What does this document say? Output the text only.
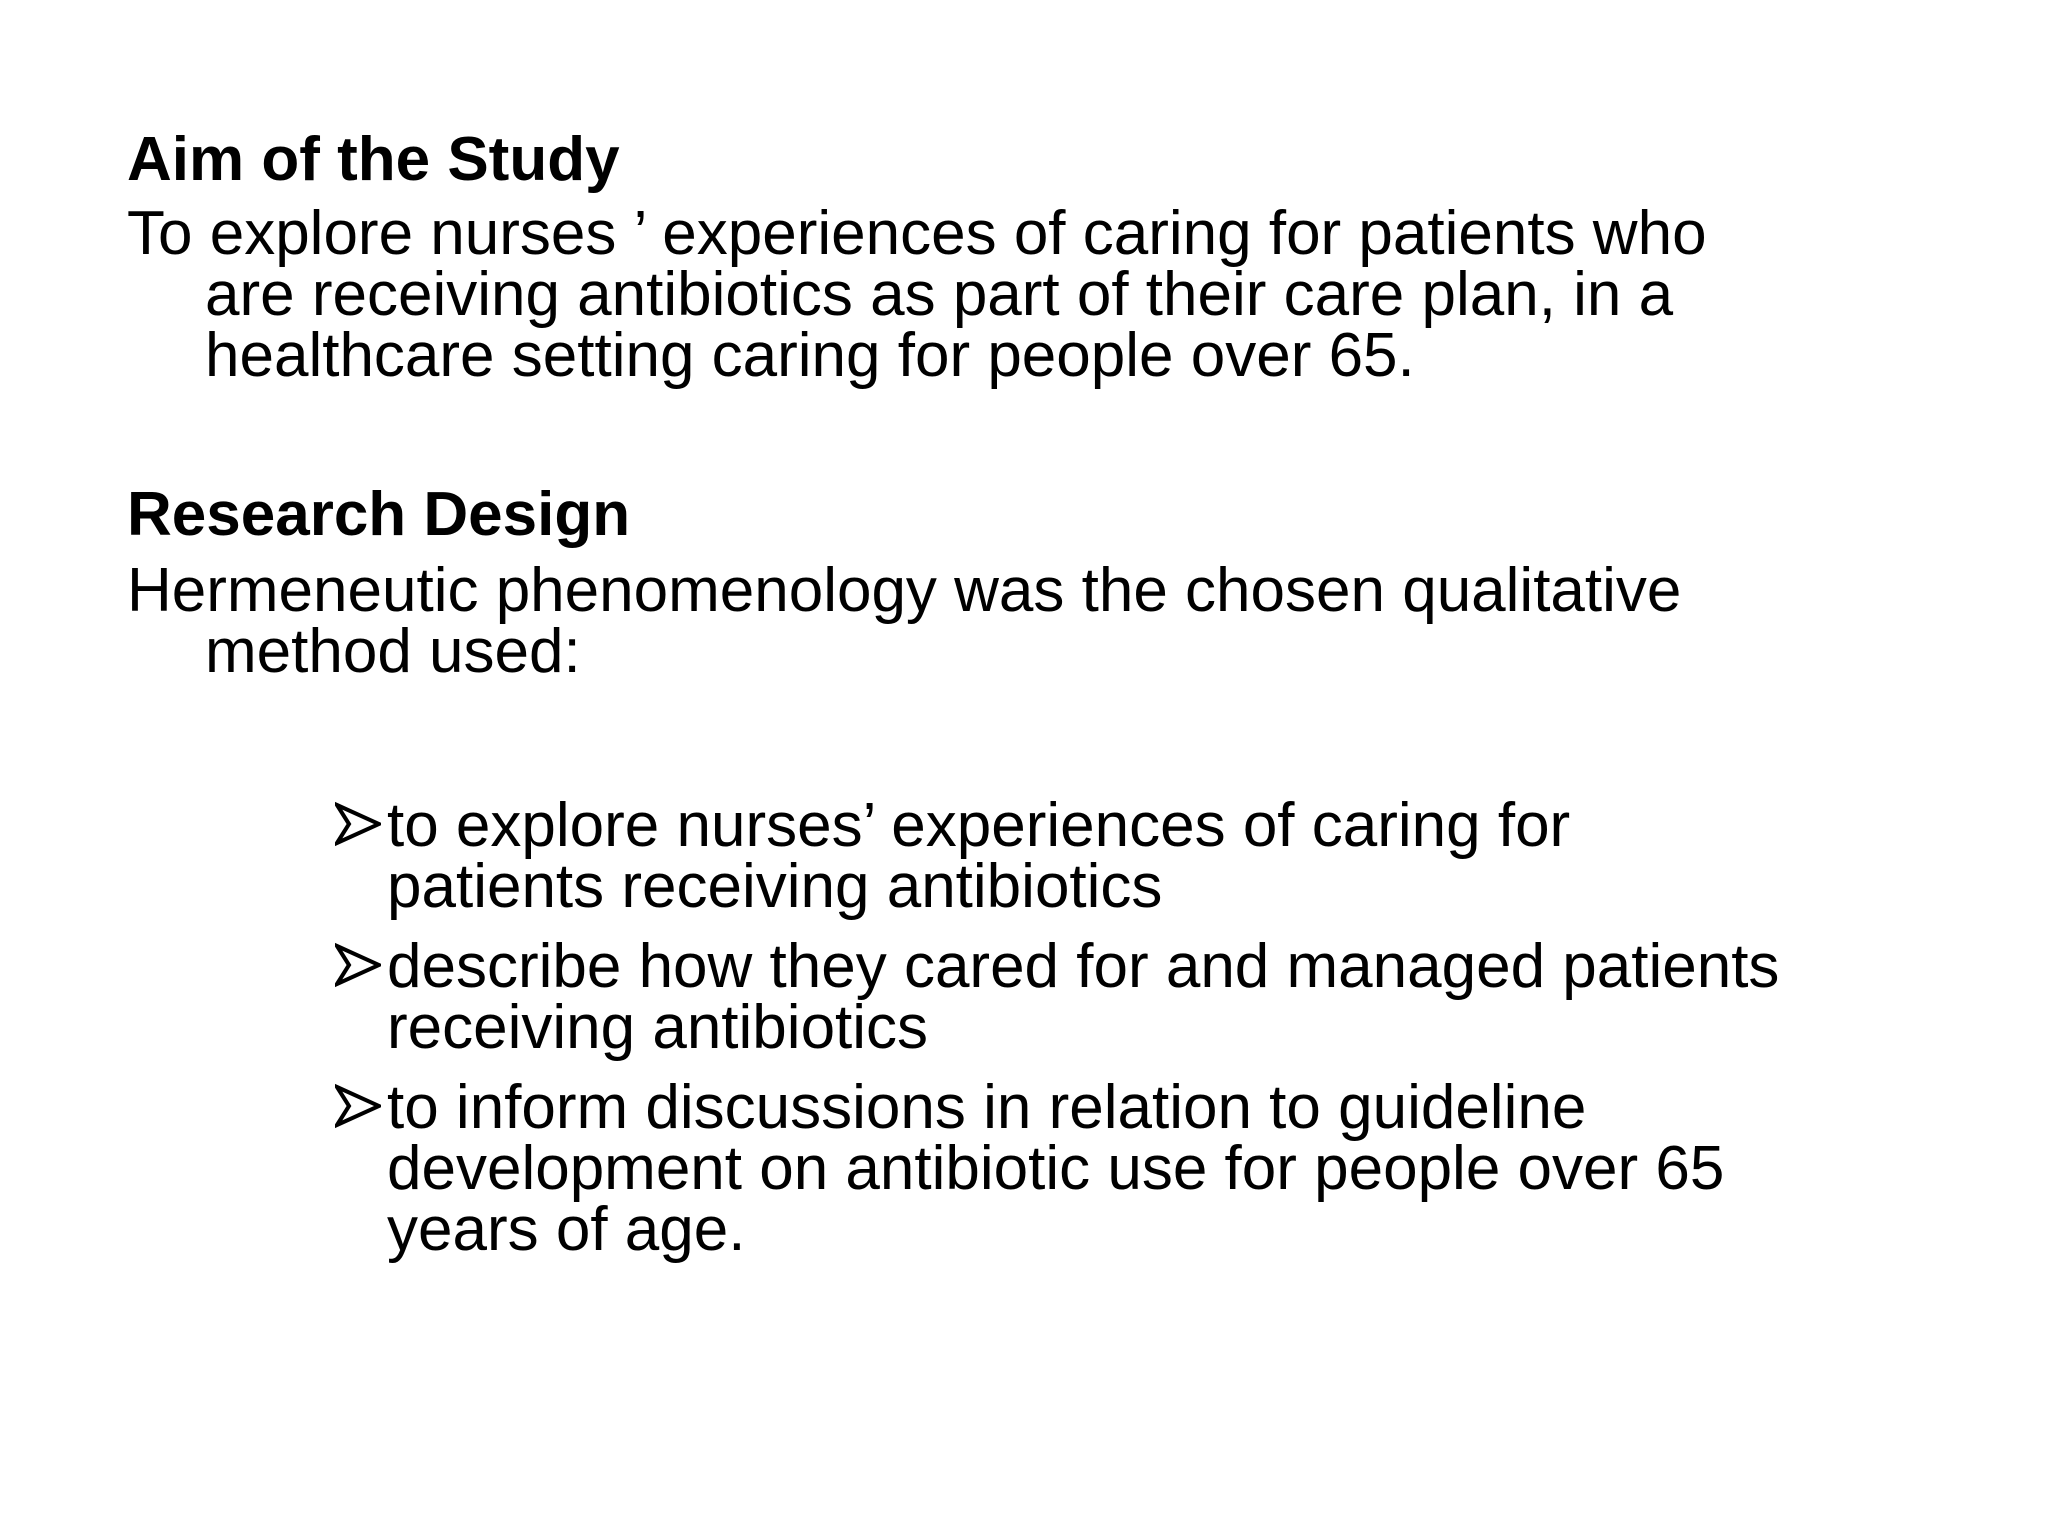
Aim of the Study

To explore nurses ’ experiences of caring for patients who
are receiving antibiotics as part of their care plan, in a
healthcare setting caring for people over 65.

Research Design

Hermeneutic phenomenology was the chosen qualitative
method used:

to explore nurses’ experiences of caring for
patients receiving antibiotics
describe how they cared for and managed patients
receiving antibiotics
to inform discussions in relation to guideline
development on antibiotic use for people over 65
years of age.
